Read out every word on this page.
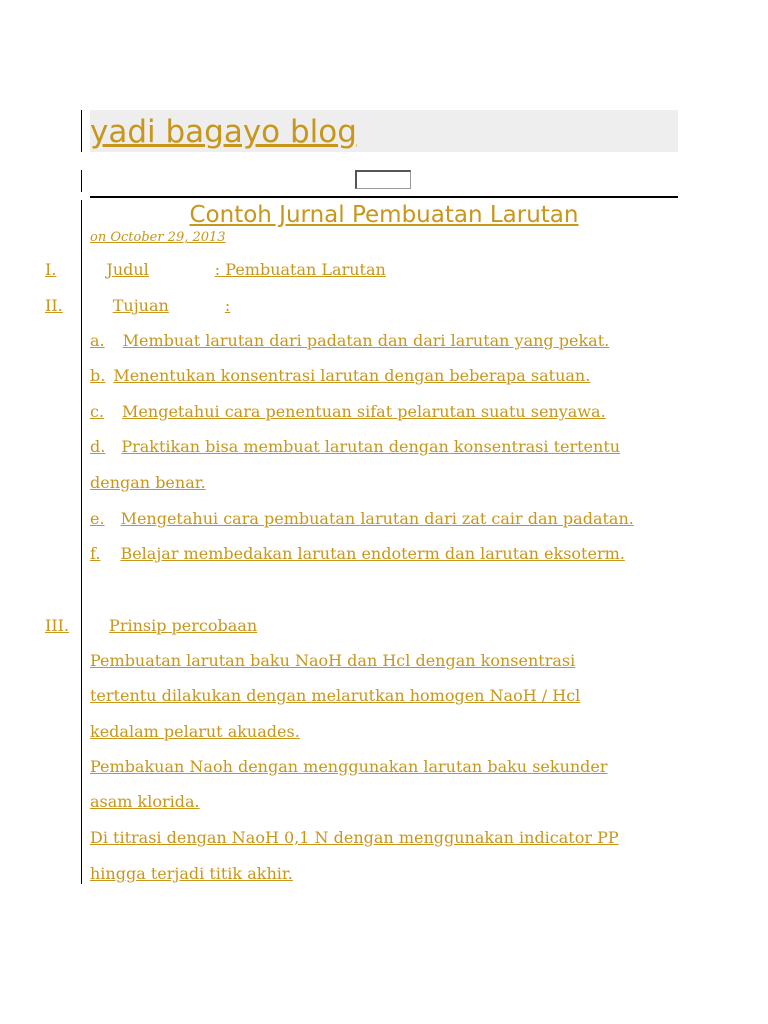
yadi bagayo blog
Contoh Jurnal Pembuatan Larutan
on October 29, 2013
I.	Judul	: Pembuatan Larutan
II.	Tujuan	:
a. Membuat larutan dari padatan dan dari larutan yang pekat.
b. Menentukan konsentrasi larutan dengan beberapa satuan.
c. Mengetahui cara penentuan sifat pelarutan suatu senyawa.
d. Praktikan bisa membuat larutan dengan konsentrasi tertentu
dengan benar.
e. Mengetahui cara pembuatan larutan dari zat cair dan padatan.
f. Belajar membedakan larutan endoterm dan larutan eksoterm.
III.	Prinsip percobaan
Pembuatan larutan baku NaoH dan Hcl dengan konsentrasi
tertentu dilakukan dengan melarutkan homogen NaoH / Hcl
kedalam pelarut akuades.
Pembakuan Naoh dengan menggunakan larutan baku sekunder
asam klorida.
Di titrasi dengan NaoH 0,1 N dengan menggunakan indicator PP
hingga terjadi titik akhir.
